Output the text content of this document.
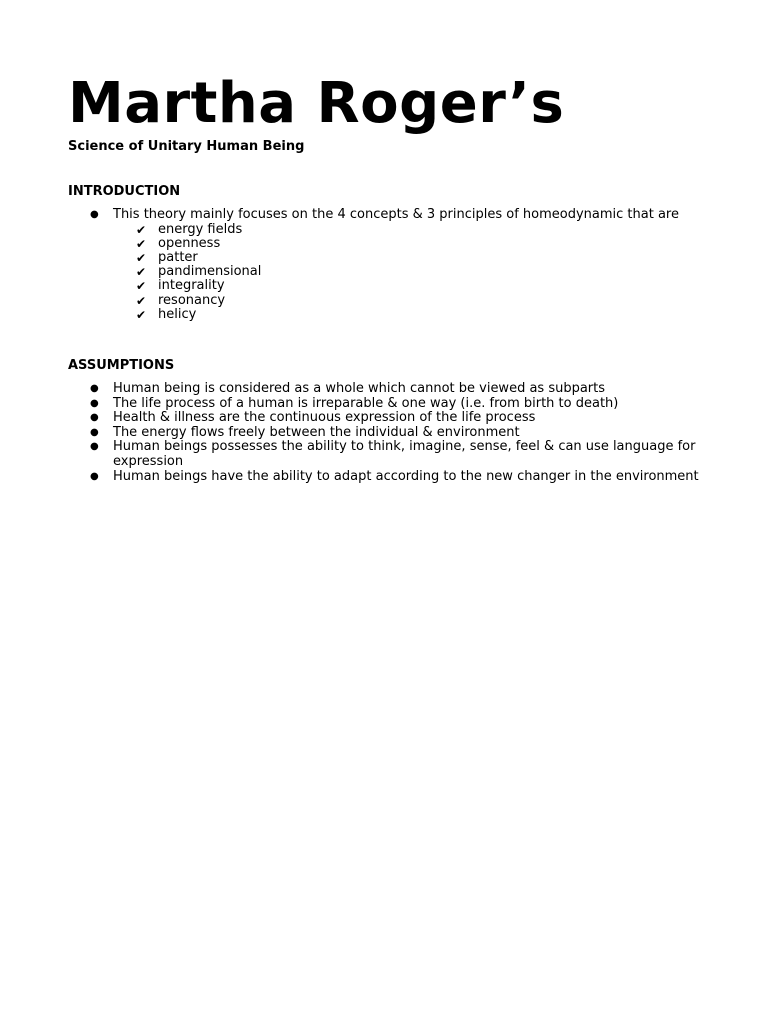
Martha Roger’s

Science of Unitary Human Being

INTRODUCTION
● This theory mainly focuses on the 4 concepts & 3 principles of homeodynamic that are
✔ energy fields
✔ openness
✔ patter
✔ pandimensional
✔ integrality
✔ resonancy
✔ helicy
ASSUMPTIONS
● Human being is considered as a whole which cannot be viewed as subparts
● The life process of a human is irreparable & one way (i.e. from birth to death)
● Health & illness are the continuous expression of the life process
● The energy flows freely between the individual & environment
● Human beings possesses the ability to think, imagine, sense, feel & can use language for expression
● Human beings have the ability to adapt according to the new changer in the environment
